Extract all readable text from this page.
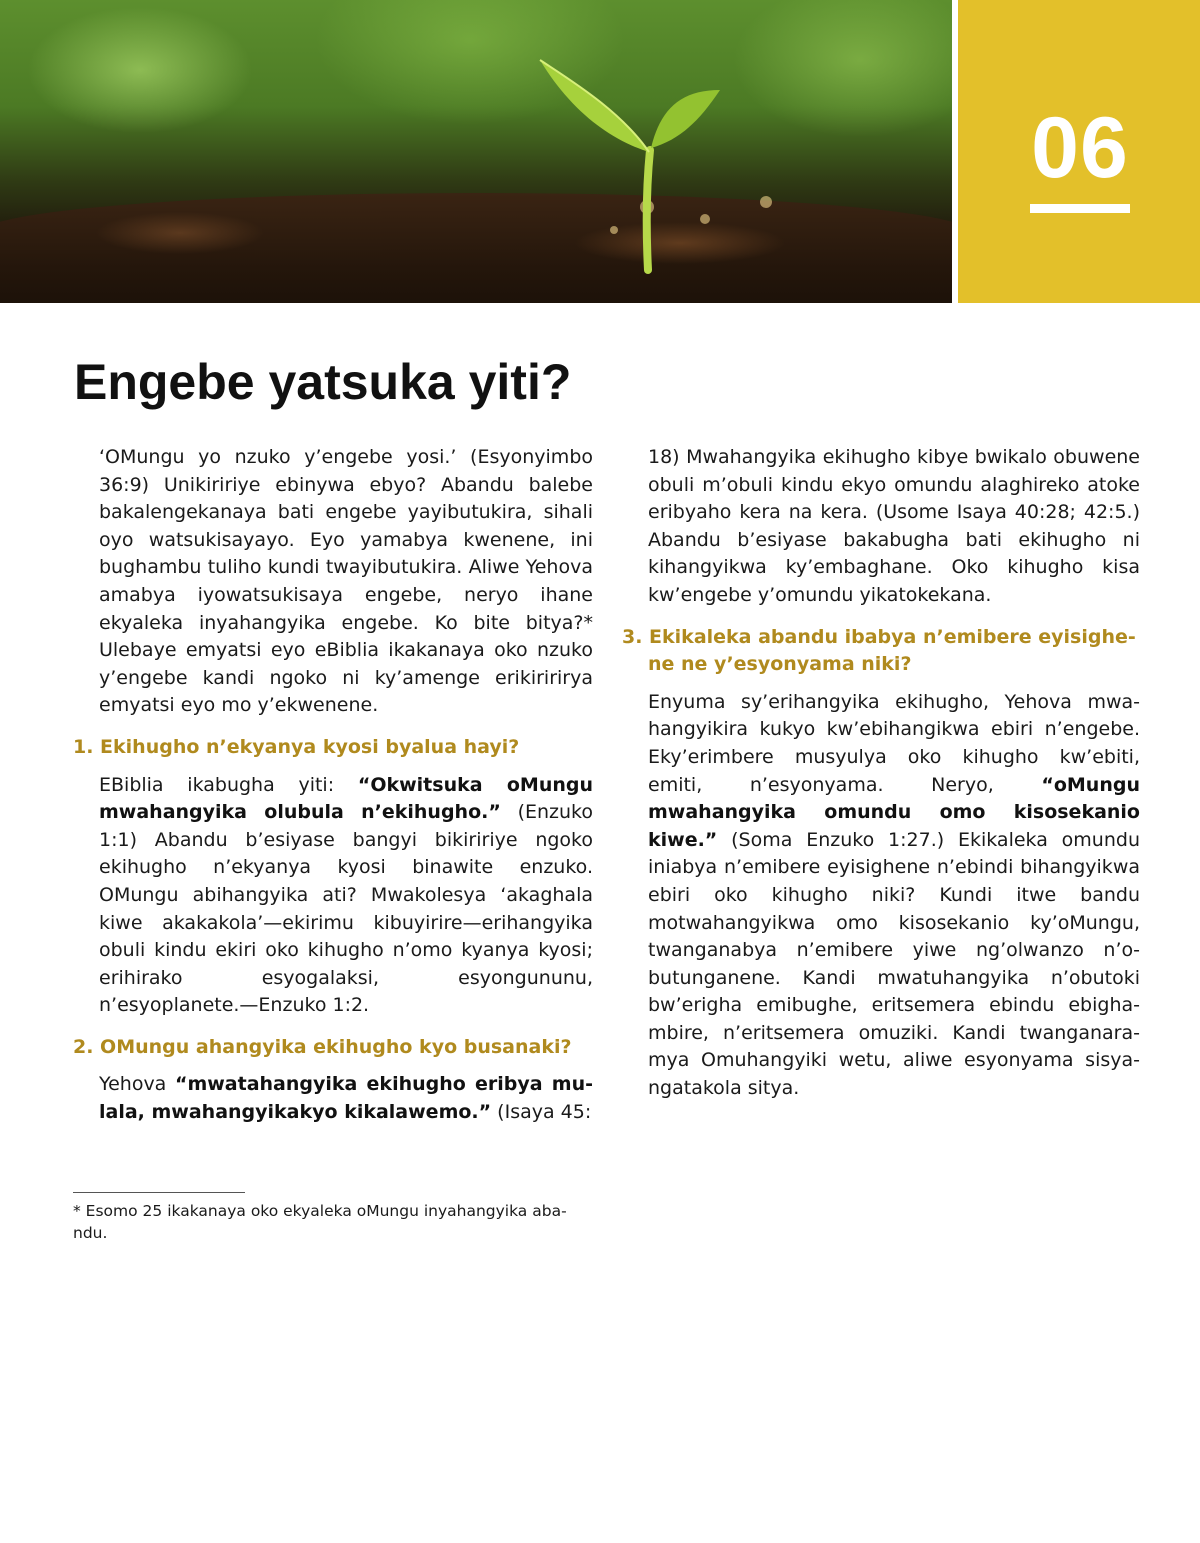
06
Engebe yatsuka yiti?

‘OMungu yo nzuko y’engebe yosi.’ (Esyonyimbo 36:9) Unikiririye ebinywa ebyo? Abandu balebe bakalengekanaya bati engebe yayibutukira, sihali oyo watsukisayayo. Eyo yamabya kwenene, ini bughambu tuliho kundi twayibutukira. Aliwe Yehova amabya iyowatsukisaya engebe, neryo ihane ekyaleka inyahangyika engebe. Ko bite bitya?* Ulebaye emyatsi eyo eBiblia ikakanaya oko nzuko y’engebe kandi ngoko ni ky’amenge erikiririrya emyatsi eyo mo y’ekwenene.

1. Ekihugho n’ekyanya kyosi byalua hayi?

EBiblia ikabugha yiti: “Okwitsuka oMungu mwahangyika olubula n’ekihugho.” (Enzuko 1:1) Abandu b’esiyase bangyi bikiririye ngoko ekihugho n’ekyanya kyosi binawite enzuko. OMungu abihangyika ati? Mwakolesya ‘akaghala kiwe akakakola’—ekirimu kibuyirire—erihangyika obuli kindu ekiri oko kihugho n’omo kyanya kyosi; erihirako esyogalaksi, esyongununu, n’esyoplanete.—Enzuko 1:2.

2. OMungu ahangyika ekihugho kyo busanaki?

Yehova “mwatahangyika ekihugho eribya mulala, mwahangyikakyo kikalawemo.” (Isaya 45:

* Esomo 25 ikakanaya oko ekyaleka oMungu inyahangyika abandu.

18) Mwahangyika ekihugho kibye bwikalo obuwene obuli m’obuli kindu ekyo omundu alaghireko atoke eribyaho kera na kera. (Usome Isaya 40:28; 42:5.) Abandu b’esiyase bakabugha bati ekihugho ni kihangyikwa ky’embaghane. Oko kihugho kisa kw’engebe y’omundu yikatokekana.

3. Ekikaleka abandu ibabya n’emibere eyisighene ne y’esyonyama niki?

Enyuma sy’erihangyika ekihugho, Yehova mwahangyikira kukyo kw’ebihangikwa ebiri n’engebe. Eky’erimbere musyulya oko kihugho kw’ebiti, emiti, n’esyonyama. Neryo, “oMungu mwahangyika omundu omo kisosekanio kiwe.” (Soma Enzuko 1:27.) Ekikaleka omundu iniabya n’emibere eyisighene n’ebindi bihangyikwa ebiri oko kihugho niki? Kundi itwe bandu motwahangyikwa omo kisosekanio ky’oMungu, twanganabya n’emibere yiwe ng’olwanzo n’obutunganene. Kandi mwatuhangyika n’obutoki bw’erigha emibughe, eritsemera ebindu ebighambire, n’eritsemera omuziki. Kandi twanganaramya Omuhangyiki wetu, aliwe esyonyama sisyangatakola sitya.
